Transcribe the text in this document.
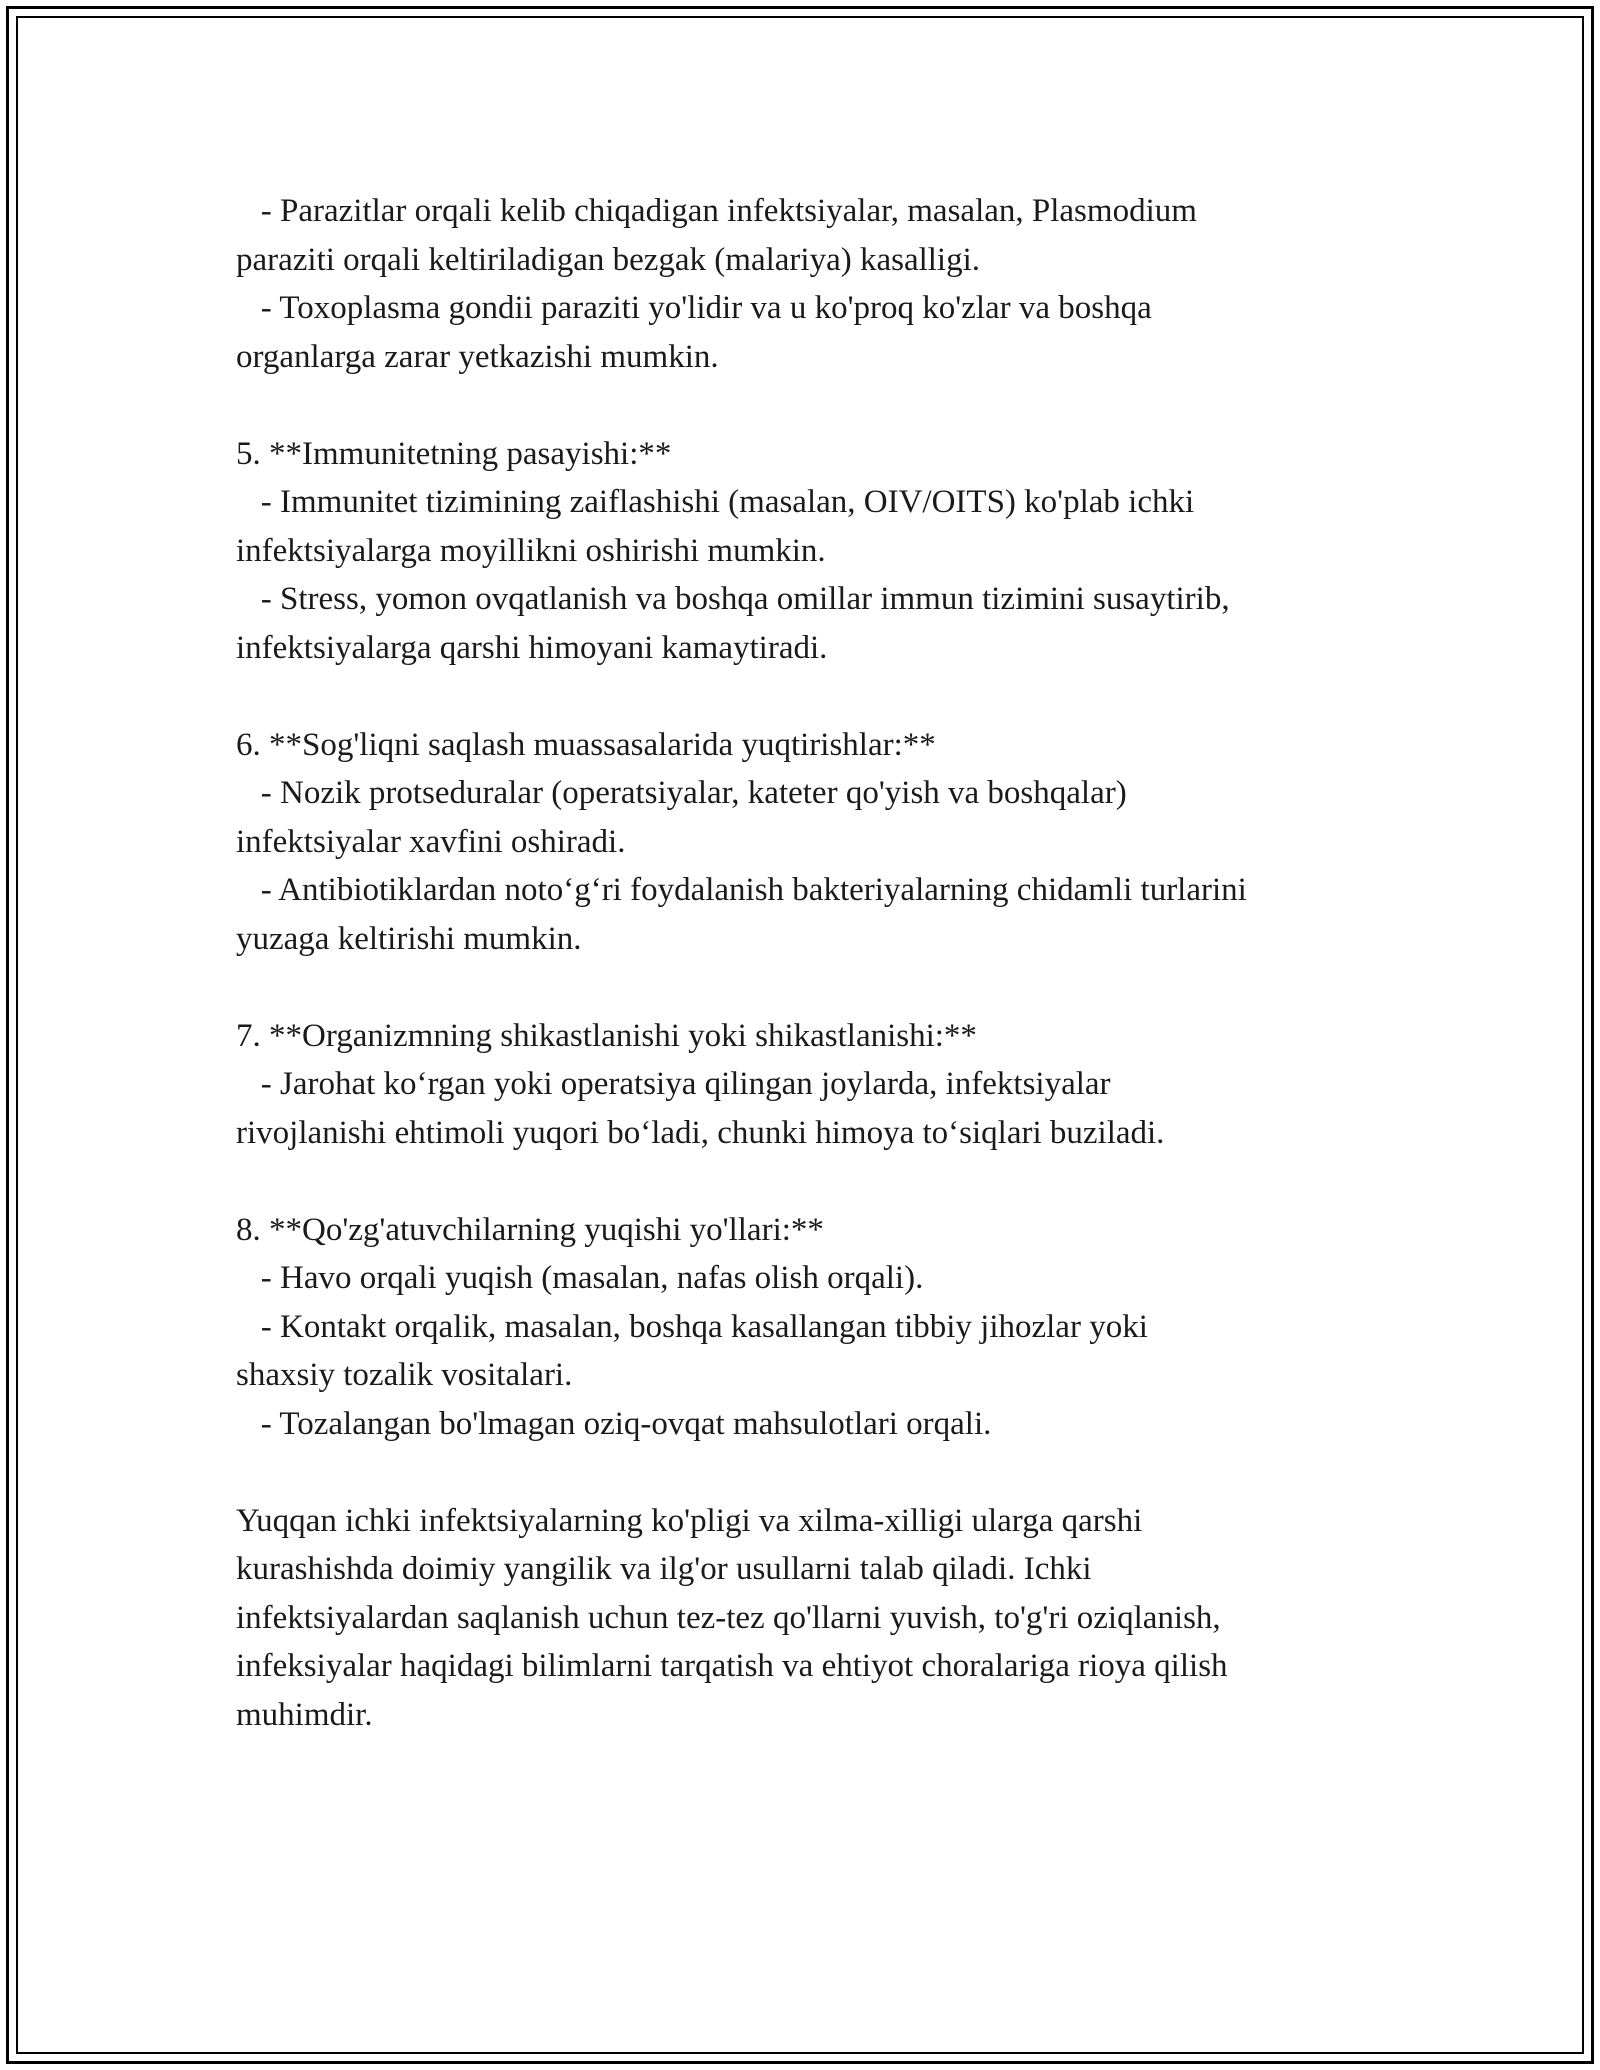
- Parazitlar orqali kelib chiqadigan infektsiyalar, masalan, Plasmodium
paraziti orqali keltiriladigan bezgak (malariya) kasalligi.
- Toxoplasma gondii paraziti yo'lidir va u ko'proq ko'zlar va boshqa
organlarga zarar yetkazishi mumkin.
5. **Immunitetning pasayishi:**
- Immunitet tizimining zaiflashishi (masalan, OIV/OITS) ko'plab ichki
infektsiyalarga moyillikni oshirishi mumkin.
- Stress, yomon ovqatlanish va boshqa omillar immun tizimini susaytirib,
infektsiyalarga qarshi himoyani kamaytiradi.
6. **Sog'liqni saqlash muassasalarida yuqtirishlar:**
- Nozik protseduralar (operatsiyalar, kateter qo'yish va boshqalar)
infektsiyalar xavfini oshiradi.
- Antibiotiklardan noto‘g‘ri foydalanish bakteriyalarning chidamli turlarini
yuzaga keltirishi mumkin.
7. **Organizmning shikastlanishi yoki shikastlanishi:**
- Jarohat ko‘rgan yoki operatsiya qilingan joylarda, infektsiyalar
rivojlanishi ehtimoli yuqori bo‘ladi, chunki himoya to‘siqlari buziladi.
8. **Qo'zg'atuvchilarning yuqishi yo'llari:**
- Havo orqali yuqish (masalan, nafas olish orqali).
- Kontakt orqalik, masalan, boshqa kasallangan tibbiy jihozlar yoki
shaxsiy tozalik vositalari.
- Tozalangan bo'lmagan oziq-ovqat mahsulotlari orqali.
Yuqqan ichki infektsiyalarning ko'pligi va xilma-xilligi ularga qarshi
kurashishda doimiy yangilik va ilg'or usullarni talab qiladi. Ichki
infektsiyalardan saqlanish uchun tez-tez qo'llarni yuvish, to'g'ri oziqlanish,
infeksiyalar haqidagi bilimlarni tarqatish va ehtiyot choralariga rioya qilish
muhimdir.
